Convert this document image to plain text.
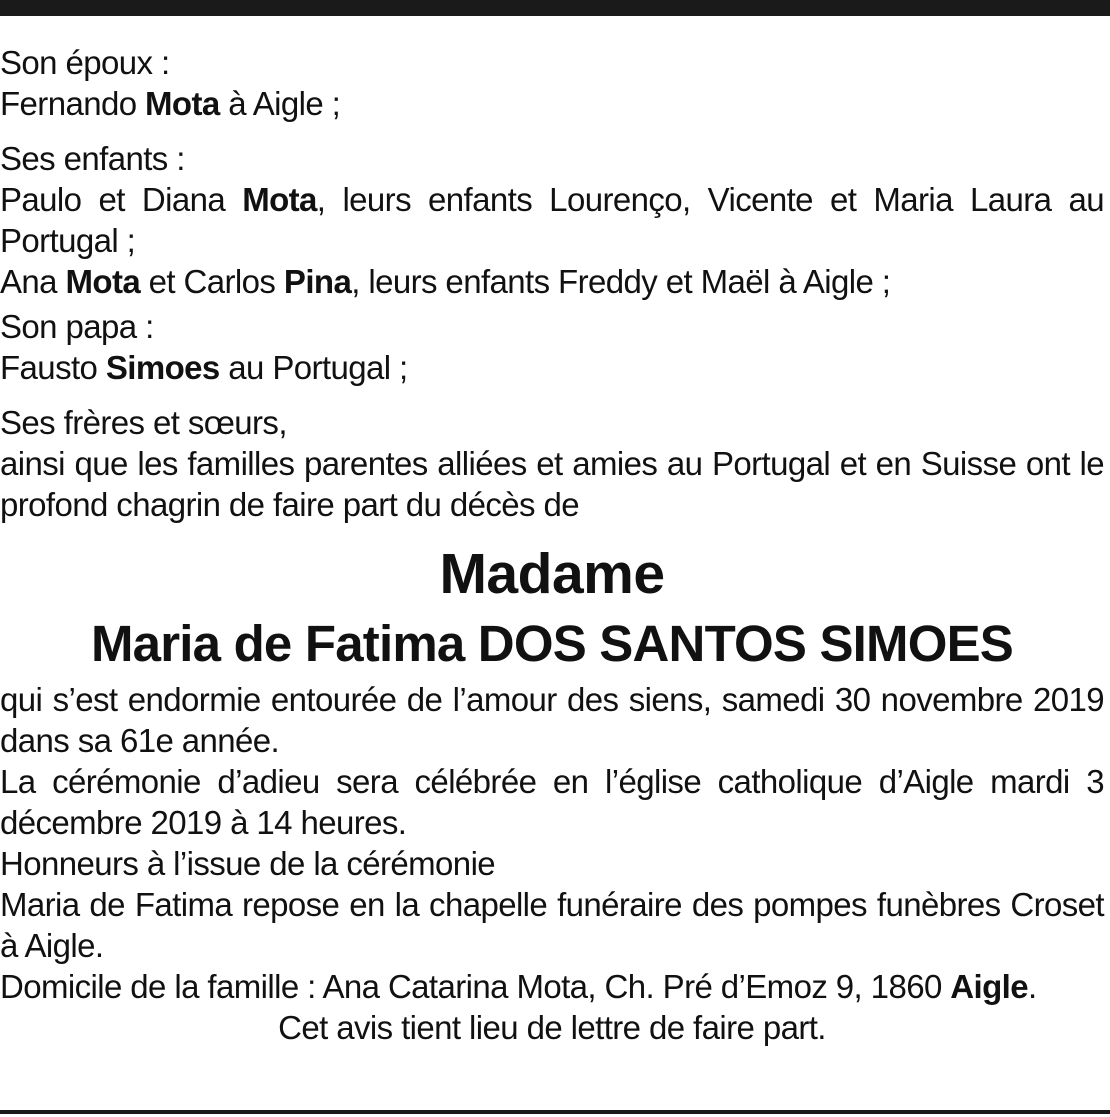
Son époux :

Fernando Mota à Aigle ;

Ses enfants :

Paulo et Diana Mota, leurs enfants Lourenço, Vicente et Maria Laura au Portugal ;

Ana Mota et Carlos Pina, leurs enfants Freddy et Maël à Aigle ;

Son papa :

Fausto Simoes au Portugal ;

Ses frères et sœurs,

ainsi que les familles parentes alliées et amies au Portugal et en Suisse ont le profond chagrin de faire part du décès de

Madame
Maria de Fatima DOS SANTOS SIMOES

qui s’est endormie entourée de l’amour des siens, samedi 30 novembre 2019 dans sa 61e année.

La cérémonie d’adieu sera célébrée en l’église catholique d’Aigle mardi 3 décembre 2019 à 14 heures.

Honneurs à l’issue de la cérémonie

Maria de Fatima repose en la chapelle funéraire des pompes funèbres Croset à Aigle.

Domicile de la famille : Ana Catarina Mota, Ch. Pré d’Emoz 9, 1860 Aigle.

Cet avis tient lieu de lettre de faire part.
